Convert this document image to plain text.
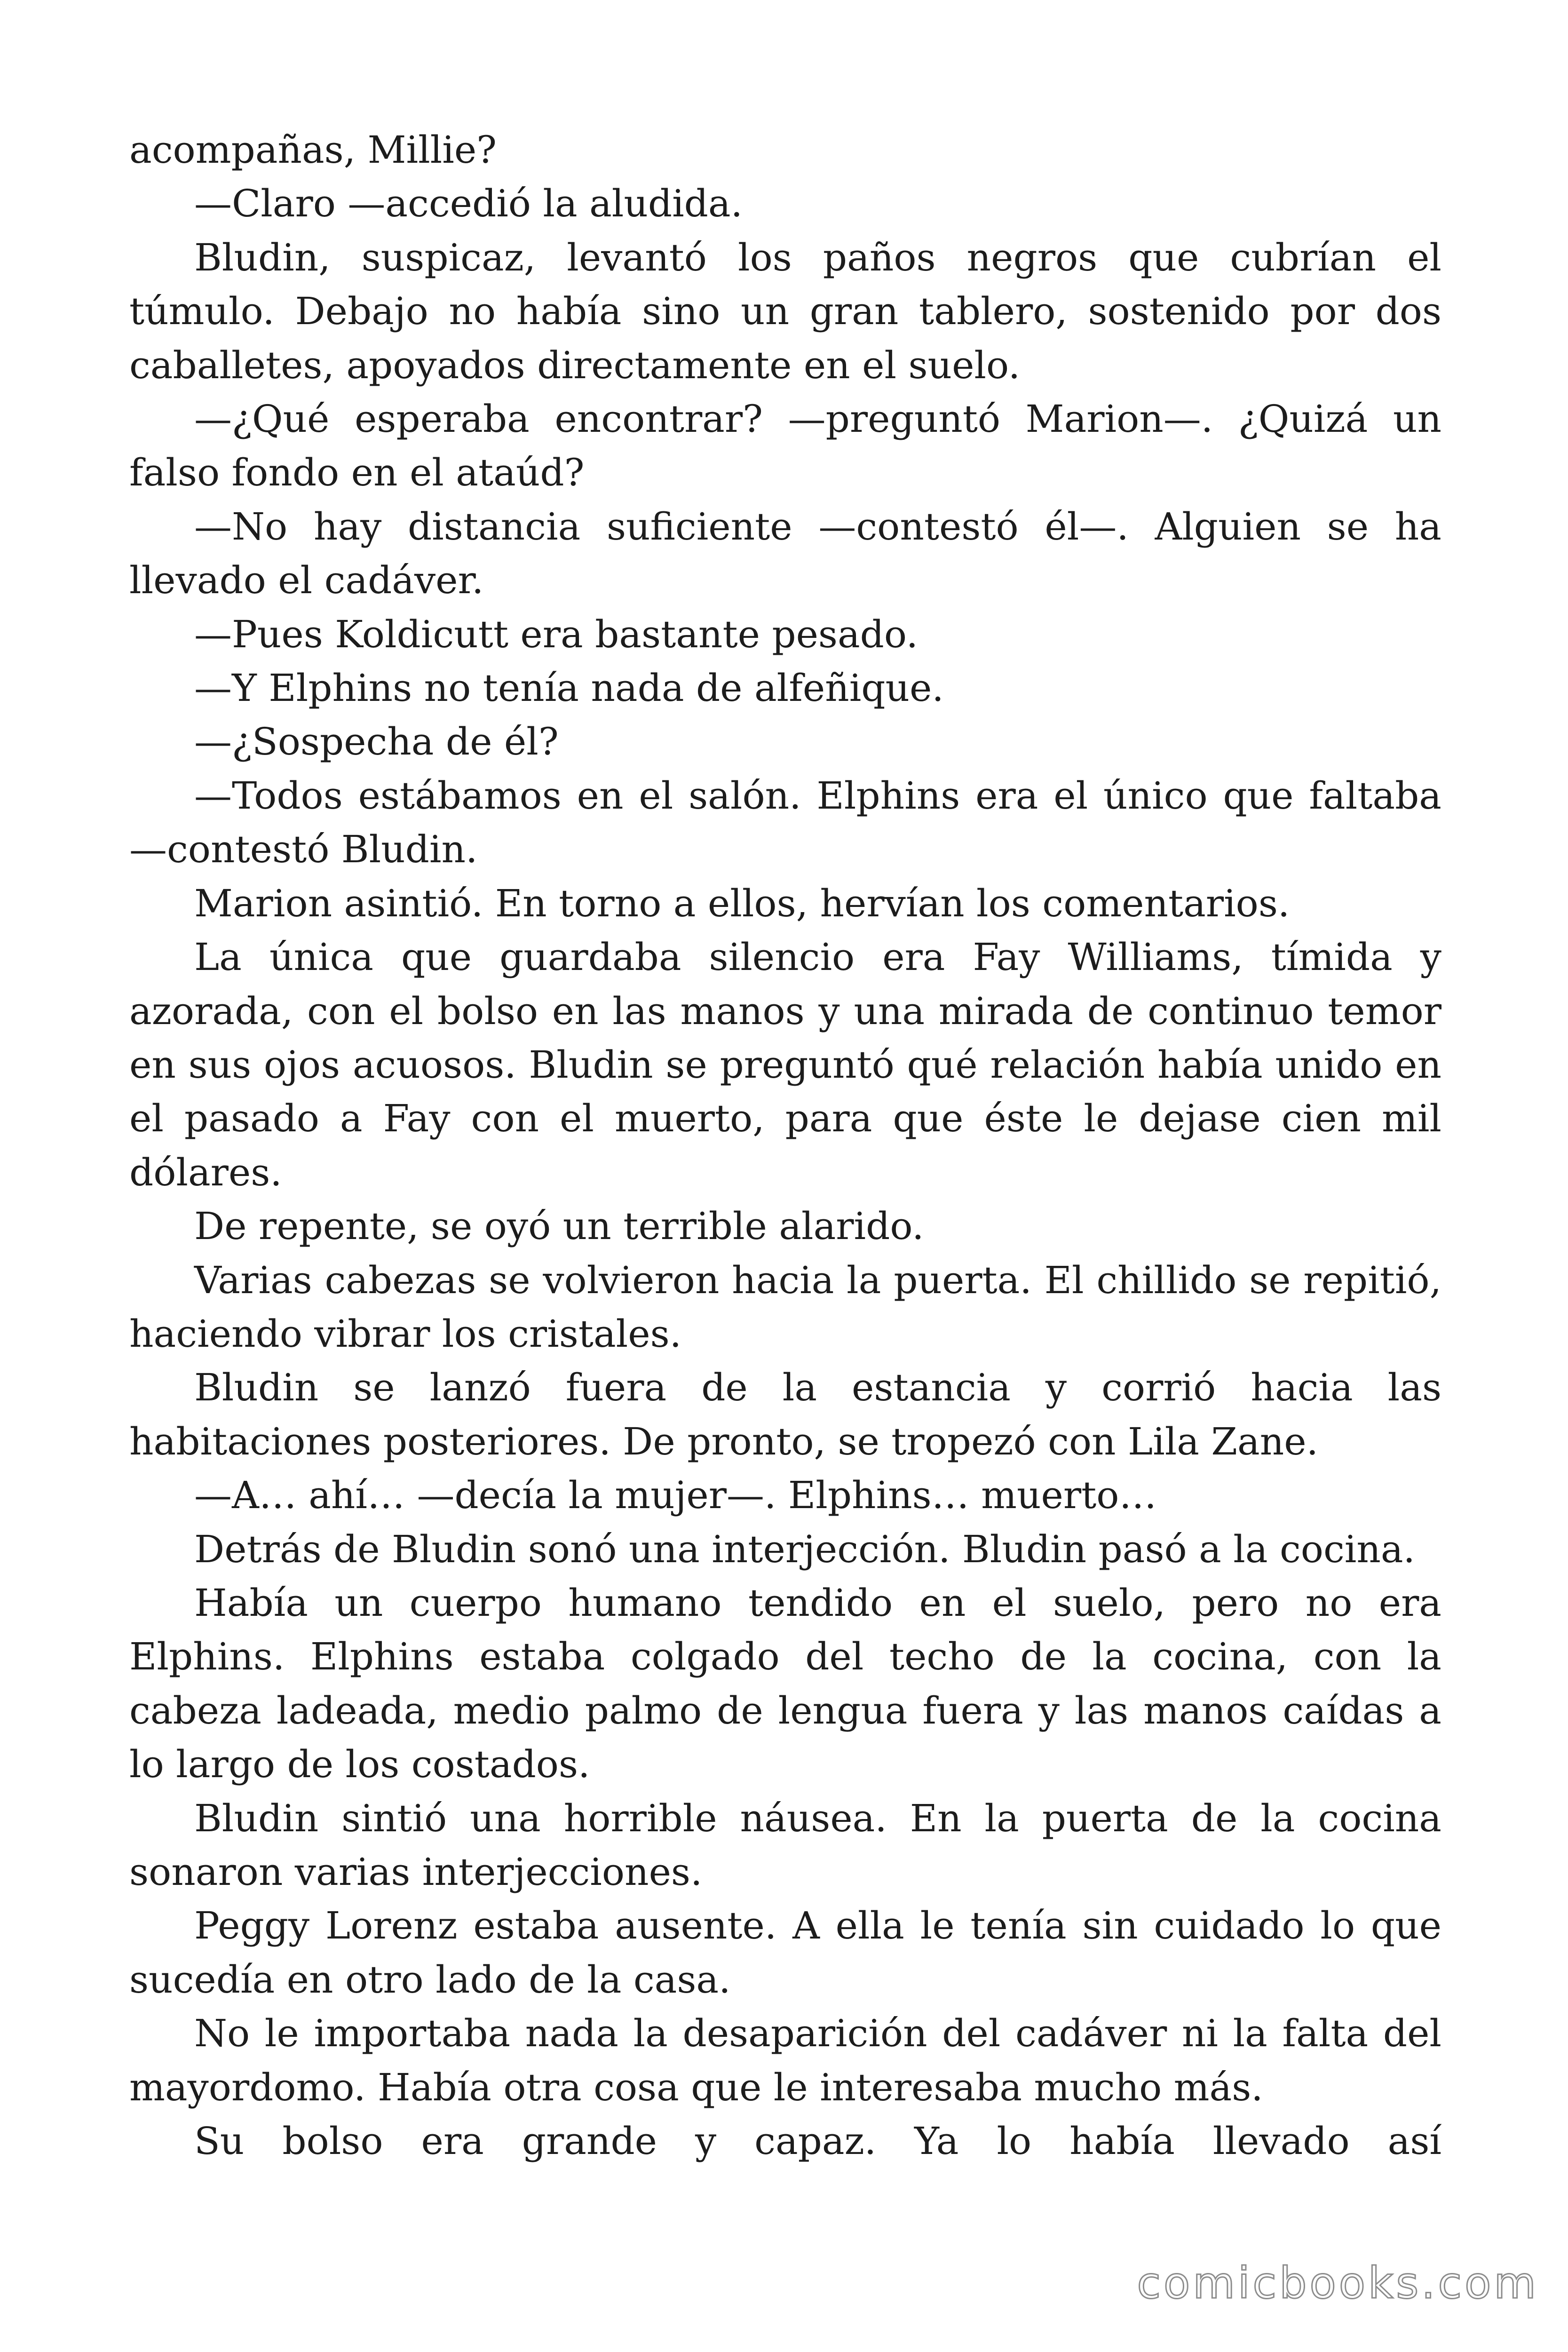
acompañas, Millie?

—Claro —accedió la aludida.

Bludin, suspicaz, levantó los paños negros que cubrían el túmulo. Debajo no había sino un gran tablero, sostenido por dos caballetes, apoyados directamente en el suelo.

—¿Qué esperaba encontrar? —preguntó Marion—. ¿Quizá un falso fondo en el ataúd?

—No hay distancia suficiente —contestó él—. Alguien se ha llevado el cadáver.

—Pues Koldicutt era bastante pesado.

—Y Elphins no tenía nada de alfeñique.

—¿Sospecha de él?

—Todos estábamos en el salón. Elphins era el único que faltaba —contestó Bludin.

Marion asintió. En torno a ellos, hervían los comentarios.

La única que guardaba silencio era Fay Williams, tímida y azorada, con el bolso en las manos y una mirada de continuo temor en sus ojos acuosos. Bludin se preguntó qué relación había unido en el pasado a Fay con el muerto, para que éste le dejase cien mil dólares.

De repente, se oyó un terrible alarido.

Varias cabezas se volvieron hacia la puerta. El chillido se repitió, haciendo vibrar los cristales.

Bludin se lanzó fuera de la estancia y corrió hacia las habitaciones posteriores. De pronto, se tropezó con Lila Zane.

—A… ahí… —decía la mujer—. Elphins… muerto…

Detrás de Bludin sonó una interjección. Bludin pasó a la cocina.

Había un cuerpo humano tendido en el suelo, pero no era Elphins. Elphins estaba colgado del techo de la cocina, con la cabeza ladeada, medio palmo de lengua fuera y las manos caídas a lo largo de los costados.

Bludin sintió una horrible náusea. En la puerta de la cocina sonaron varias interjecciones.

Peggy Lorenz estaba ausente. A ella le tenía sin cuidado lo que sucedía en otro lado de la casa.

No le importaba nada la desaparición del cadáver ni la falta del mayordomo. Había otra cosa que le interesaba mucho más.

Su bolso era grande y capaz. Ya lo había llevado así

comicbooks.com
